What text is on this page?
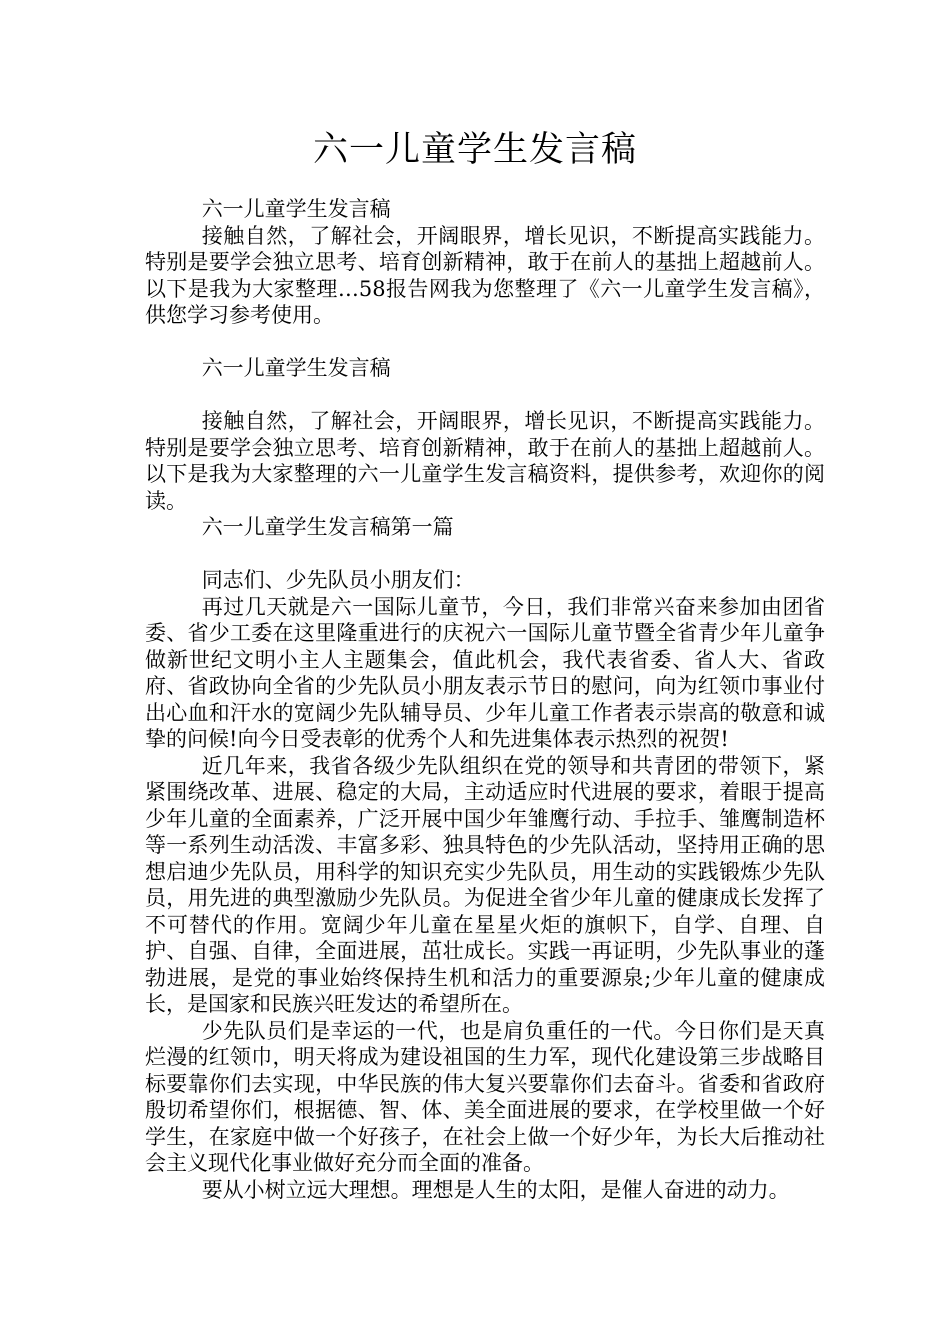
六一儿童学生发言稿

六一儿童学生发言稿

接触自然，了解社会，开阔眼界，增长见识，不断提高实践能力。特别是要学会独立思考、培育创新精神，敢于在前人的基拙上超越前人。以下是我为大家整理…58报告网我为您整理了《六一儿童学生发言稿》，供您学习参考使用。

六一儿童学生发言稿

接触自然，了解社会，开阔眼界，增长见识，不断提高实践能力。特别是要学会独立思考、培育创新精神，敢于在前人的基拙上超越前人。以下是我为大家整理的六一儿童学生发言稿资料，提供参考，欢迎你的阅读。

六一儿童学生发言稿第一篇

同志们、少先队员小朋友们：

再过几天就是六一国际儿童节，今日，我们非常兴奋来参加由团省委、省少工委在这里隆重进行的庆祝六一国际儿童节暨全省青少年儿童争做新世纪文明小主人主题集会，值此机会，我代表省委、省人大、省政府、省政协向全省的少先队员小朋友表示节日的慰问，向为红领巾事业付出心血和汗水的宽阔少先队辅导员、少年儿童工作者表示崇高的敬意和诚挚的问候!向今日受表彰的优秀个人和先进集体表示热烈的祝贺!

近几年来，我省各级少先队组织在党的领导和共青团的带领下，紧紧围绕改革、进展、稳定的大局，主动适应时代进展的要求，着眼于提高少年儿童的全面素养，广泛开展中国少年雏鹰行动、手拉手、雏鹰制造杯等一系列生动活泼、丰富多彩、独具特色的少先队活动，坚持用正确的思想启迪少先队员，用科学的知识充实少先队员，用生动的实践锻炼少先队员，用先进的典型激励少先队员。为促进全省少年儿童的健康成长发挥了不可替代的作用。宽阔少年儿童在星星火炬的旗帜下，自学、自理、自护、自强、自律，全面进展，茁壮成长。实践一再证明，少先队事业的蓬勃进展，是党的事业始终保持生机和活力的重要源泉;少年儿童的健康成长，是国家和民族兴旺发达的希望所在。

少先队员们是幸运的一代，也是肩负重任的一代。今日你们是天真烂漫的红领巾，明天将成为建设祖国的生力军，现代化建设第三步战略目标要靠你们去实现，中华民族的伟大复兴要靠你们去奋斗。省委和省政府殷切希望你们，根据德、智、体、美全面进展的要求，在学校里做一个好学生，在家庭中做一个好孩子，在社会上做一个好少年，为长大后推动社会主义现代化事业做好充分而全面的准备。

要从小树立远大理想。理想是人生的太阳，是催人奋进的动力。
